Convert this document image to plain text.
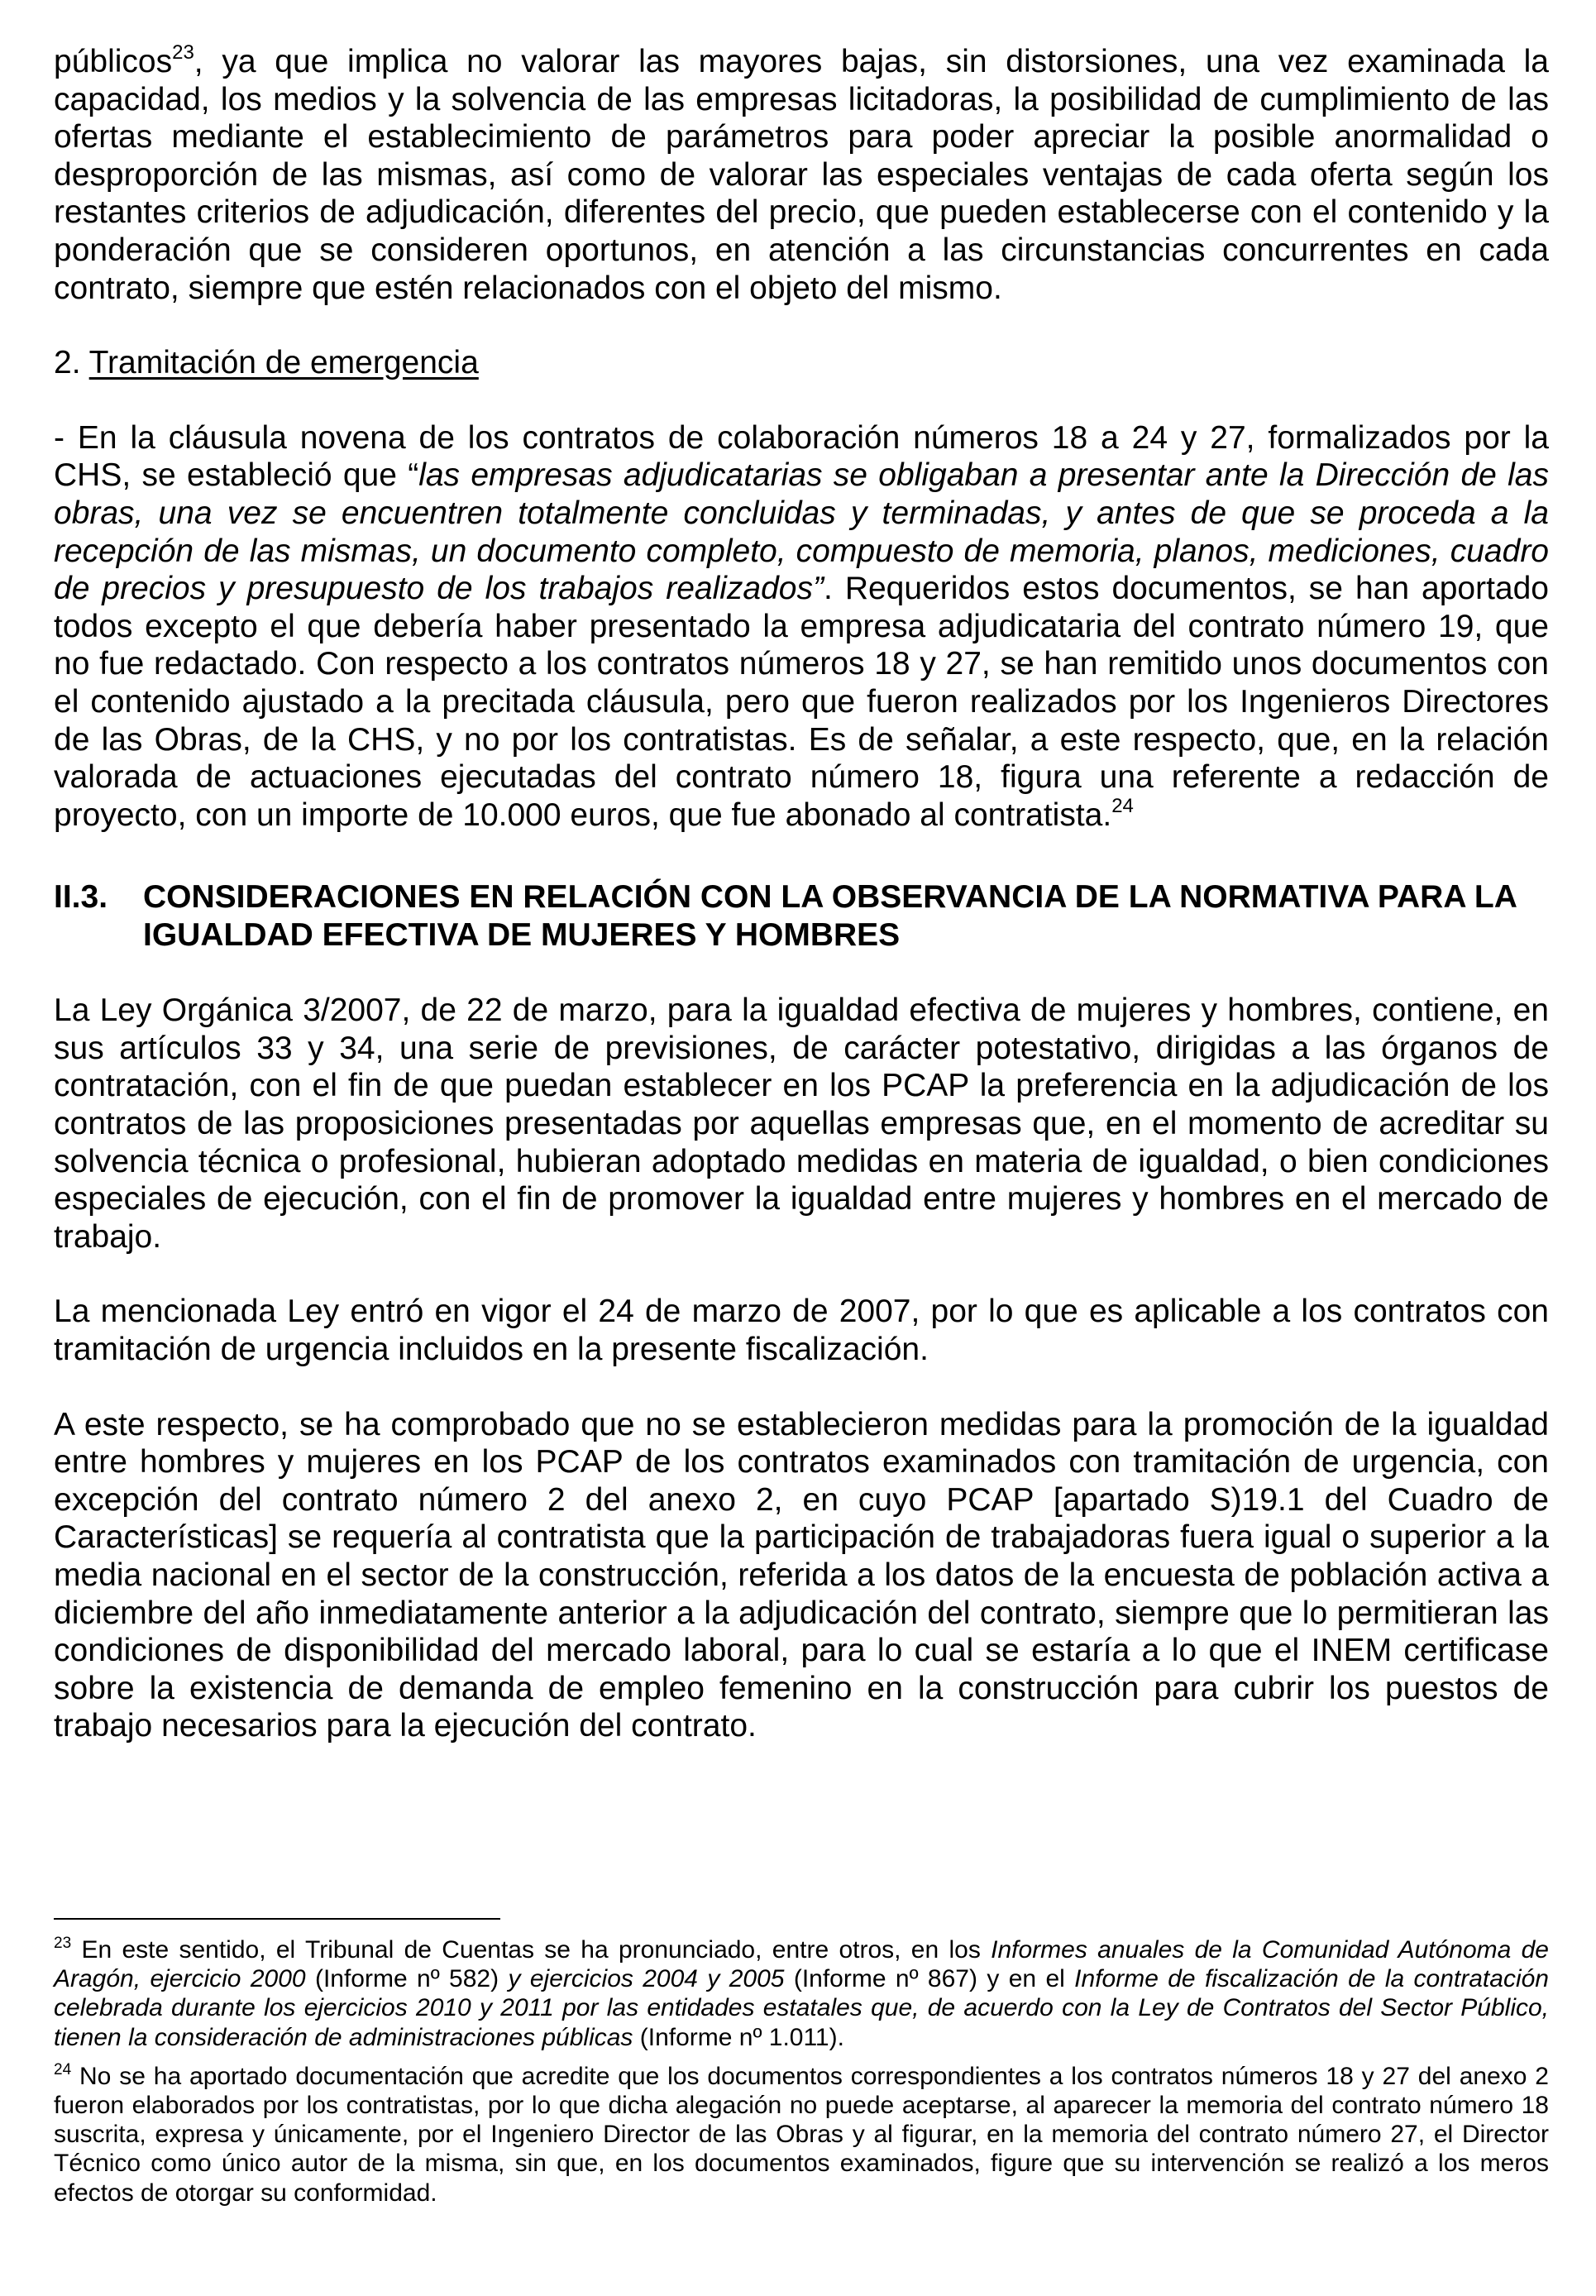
públicos$^{23}$, ya que implica no valorar las mayores bajas, sin distorsiones, una vez examinada la capacidad, los medios y la solvencia de las empresas licitadoras, la posibilidad de cumplimiento de las ofertas mediante el establecimiento de parámetros para poder apreciar la posible anormalidad o desproporción de las mismas, así como de valorar las especiales ventajas de cada oferta según los restantes criterios de adjudicación, diferentes del precio, que pueden establecerse con el contenido y la ponderación que se consideren oportunos, en atención a las circunstancias concurrentes en cada contrato, siempre que estén relacionados con el objeto del mismo.

2. Tramitación de emergencia

- En la cláusula novena de los contratos de colaboración números 18 a 24 y 27, formalizados por la CHS, se estableció que “las empresas adjudicatarias se obligaban a presentar ante la Dirección de las obras, una vez se encuentren totalmente concluidas y terminadas, y antes de que se proceda a la recepción de las mismas, un documento completo, compuesto de memoria, planos, mediciones, cuadro de precios y presupuesto de los trabajos realizados”. Requeridos estos documentos, se han aportado todos excepto el que debería haber presentado la empresa adjudicataria del contrato número 19, que no fue redactado. Con respecto a los contratos números 18 y 27, se han remitido unos documentos con el contenido ajustado a la precitada cláusula, pero que fueron realizados por los Ingenieros Directores de las Obras, de la CHS, y no por los contratistas. Es de señalar, a este respecto, que, en la relación valorada de actuaciones ejecutadas del contrato número 18, figura una referente a redacción de proyecto, con un importe de 10.000 euros, que fue abonado al contratista.$^{24}$

II.3.	CONSIDERACIONES EN RELACIÓN CON LA OBSERVANCIA DE LA NORMATIVA PARA LA IGUALDAD EFECTIVA DE MUJERES Y HOMBRES

La Ley Orgánica 3/2007, de 22 de marzo, para la igualdad efectiva de mujeres y hombres, contiene, en sus artículos 33 y 34, una serie de previsiones, de carácter potestativo, dirigidas a las órganos de contratación, con el fin de que puedan establecer en los PCAP la preferencia en la adjudicación de los contratos de las proposiciones presentadas por aquellas empresas que, en el momento de acreditar su solvencia técnica o profesional, hubieran adoptado medidas en materia de igualdad, o bien condiciones especiales de ejecución, con el fin de promover la igualdad entre mujeres y hombres en el mercado de trabajo.

La mencionada Ley entró en vigor el 24 de marzo de 2007, por lo que es aplicable a los contratos con tramitación de urgencia incluidos en la presente fiscalización.

A este respecto, se ha comprobado que no se establecieron medidas para la promoción de la igualdad entre hombres y mujeres en los PCAP de los contratos examinados con tramitación de urgencia, con excepción del contrato número 2 del anexo 2, en cuyo PCAP [apartado S)19.1 del Cuadro de Características] se requería al contratista que la participación de trabajadoras fuera igual o superior a la media nacional en el sector de la construcción, referida a los datos de la encuesta de población activa a diciembre del año inmediatamente anterior a la adjudicación del contrato, siempre que lo permitieran las condiciones de disponibilidad del mercado laboral, para lo cual se estaría a lo que el INEM certificase sobre la existencia de demanda de empleo femenino en la construcción para cubrir los puestos de trabajo necesarios para la ejecución del contrato.

$^{23}$ En este sentido, el Tribunal de Cuentas se ha pronunciado, entre otros, en los Informes anuales de la Comunidad Autónoma de Aragón, ejercicio 2000 (Informe nº 582) y ejercicios 2004 y 2005 (Informe nº 867) y en el Informe de fiscalización de la contratación celebrada durante los ejercicios 2010 y 2011 por las entidades estatales que, de acuerdo con la Ley de Contratos del Sector Público, tienen la consideración de administraciones públicas (Informe nº 1.011).

$^{24}$ No se ha aportado documentación que acredite que los documentos correspondientes a los contratos números 18 y 27 del anexo 2 fueron elaborados por los contratistas, por lo que dicha alegación no puede aceptarse, al aparecer la memoria del contrato número 18 suscrita, expresa y únicamente, por el Ingeniero Director de las Obras y al figurar, en la memoria del contrato número 27, el Director Técnico como único autor de la misma, sin que, en los documentos examinados, figure que su intervención se realizó a los meros efectos de otorgar su conformidad.
